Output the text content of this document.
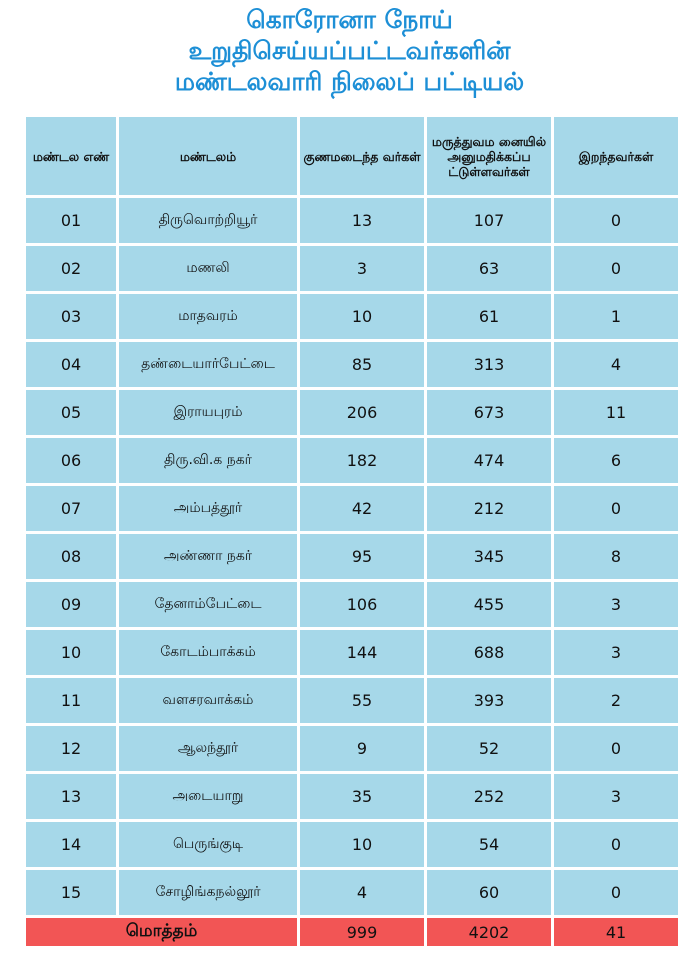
கொரோனா நோய்
உறுதிசெய்யப்பட்டவர்களின்
மண்டலவாரி நிலைப் பட்டியல்
மண்டல எண்	மண்டலம்	குணமடைந்த வர்கள்	மருத்துவம னையில் அனுமதிக்கப்ப ட்டுள்ளவர்கள்	இறந்தவர்கள்
01	திருவொற்றியூர்	13	107	0
02	மணலி	3	63	0
03	மாதவரம்	10	61	1
04	தண்டையார்பேட்டை	85	313	4
05	இராயபுரம்	206	673	11
06	திரு.வி.க நகர்	182	474	6
07	அம்பத்தூர்	42	212	0
08	அண்ணா நகர்	95	345	8
09	தேனாம்பேட்டை	106	455	3
10	கோடம்பாக்கம்	144	688	3
11	வளசரவாக்கம்	55	393	2
12	ஆலந்தூர்	9	52	0
13	அடையாறு	35	252	3
14	பெருங்குடி	10	54	0
15	சோழிங்கநல்லூர்	4	60	0
மொத்தம்		999	4202	41
